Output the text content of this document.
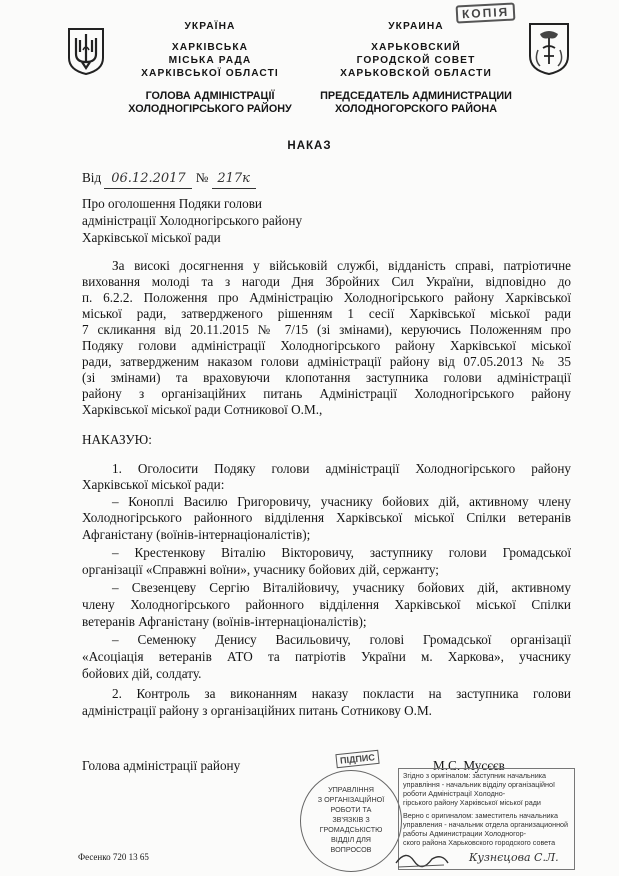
УКРАЇНА
ХАРКІВСЬКА
МІСЬКА РАДА
ХАРКІВСЬКОЇ ОБЛАСТІ
ГОЛОВА АДМІНІСТРАЦІЇ
ХОЛОДНОГІРСЬКОГО РАЙОНУ
КОПІЯ
УКРАИНА
ХАРЬКОВСКИЙ
ГОРОДСКОЙ СОВЕТ
ХАРЬКОВСКОЙ ОБЛАСТИ
ПРЕДСЕДАТЕЛЬ АДМИНИСТРАЦИИ
ХОЛОДНОГОРСКОГО РАЙОНА
НАКАЗ
Від 06.12.2017 № 217к
Про оголошення Подяки голови
адміністрації Холодногірського району
Харківської міської ради
За високі досягнення у військовій службі, відданість справі, патріотичне
виховання молоді та з нагоди Дня Збройних Сил України, відповідно до
п. 6.2.2. Положення про Адміністрацію Холодногірського району Харківської
міської ради, затвердженого рішенням 1 сесії Харківської міської ради
7 скликання від 20.11.2015 № 7/15 (зі змінами), керуючись Положенням про
Подяку голови адміністрації Холодногірського району Харківської міської
ради, затвердженим наказом голови адміністрації району від 07.05.2013 № 35
(зі змінами) та враховуючи клопотання заступника голови адміністрації
району з організаційних питань Адміністрації Холодногірського району
Харківської міської ради Сотникової О.М.,
НАКАЗУЮ:
1. Оголосити Подяку голови адміністрації Холодногірського району
Харківської міської ради:
– Коноплі Василю Григоровичу, учаснику бойових дій, активному члену
Холодногірського районного відділення Харківської міської Спілки ветеранів
Афганістану (воїнів-інтернаціоналістів);
– Крестенкову Віталію Вікторовичу, заступнику голови Громадської
організації «Справжні воїни», учаснику бойових дій, сержанту;
– Свезенцеву Сергію Віталійовичу, учаснику бойових дій, активному
члену Холодногірського районного відділення Харківської міської Спілки
ветеранів Афганістану (воїнів-інтернаціоналістів);
– Семенюку Денису Васильовичу, голові Громадської організації
«Асоціація ветеранів АТО та патріотів України м. Харкова», учаснику
бойових дій, солдату.
2. Контроль за виконанням наказу покласти на заступника голови
адміністрації району з організаційних питань Сотникову О.М.
Голова адміністрації району	М.С. Мусєєв
ПІДПИС
УПРАВЛІННЯ
З ОРГАНІЗАЦІЙНОЇ
РОБОТИ ТА
ЗВ'ЯЗКІВ З
ГРОМАДСЬКІСТЮ
ВІДДІЛ ДЛЯ
ВОПРОСОВ
Згідно з оригіналом: заступник начальника
управління - начальник відділу організаційної
роботи Адміністрації Холодно-
гірського району Харківської міської ради
Верно с оригиналом: заместитель начальника
управления - начальник отдела организационной
работы Администрации Холодногор-
ского района Харьковского городского совета
Кузнєцова С.Л.
Фесенко 720 13 65
